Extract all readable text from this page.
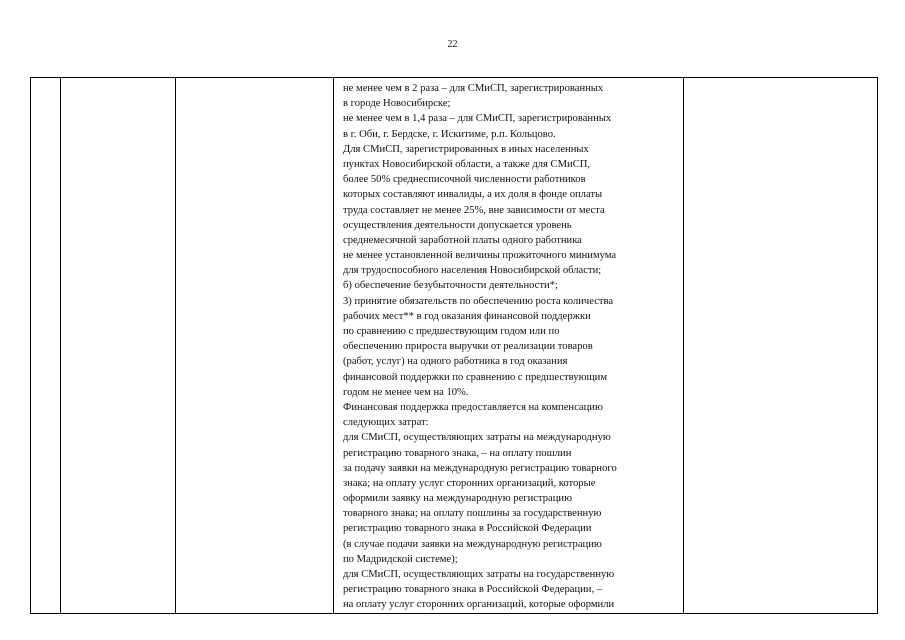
22

не менее чем в 2 раза – для СМиСП, зарегистрированных
в городе Новосибирске;
не менее чем в 1,4 раза – для СМиСП, зарегистрированных
в г. Оби, г. Бердске, г. Искитиме, р.п. Кольцово.
Для СМиСП, зарегистрированных в иных населенных
пунктах Новосибирской области, а также для СМиСП,
более 50% среднесписочной численности работников
которых составляют инвалиды, а их доля в фонде оплаты
труда составляет не менее 25%, вне зависимости от места
осуществления деятельности допускается уровень
среднемесячной заработной платы одного работника
не менее установленной величины прожиточного минимума
для трудоспособного населения Новосибирской области;
б) обеспечение безубыточности деятельности*;
3) принятие обязательств по обеспечению роста количества
рабочих мест** в год оказания финансовой поддержки
по сравнению с предшествующим годом или по
обеспечению прироста выручки от реализации товаров
(работ, услуг) на одного работника в год оказания
финансовой поддержки по сравнению с предшествующим
годом не менее чем на 10%.
Финансовая поддержка предоставляется на компенсацию
следующих затрат:
для СМиСП, осуществляющих затраты на международную
регистрацию товарного знака, – на оплату пошлин
за подачу заявки на международную регистрацию товарного
знака; на оплату услуг сторонних организаций, которые
оформили заявку на международную регистрацию
товарного знака; на оплату пошлины за государственную
регистрацию товарного знака в Российской Федерации
(в случае подачи заявки на международную регистрацию
по Мадридской системе);
для СМиСП, осуществляющих затраты на государственную
регистрацию товарного знака в Российской Федерации, –
на оплату услуг сторонних организаций, которые оформили
